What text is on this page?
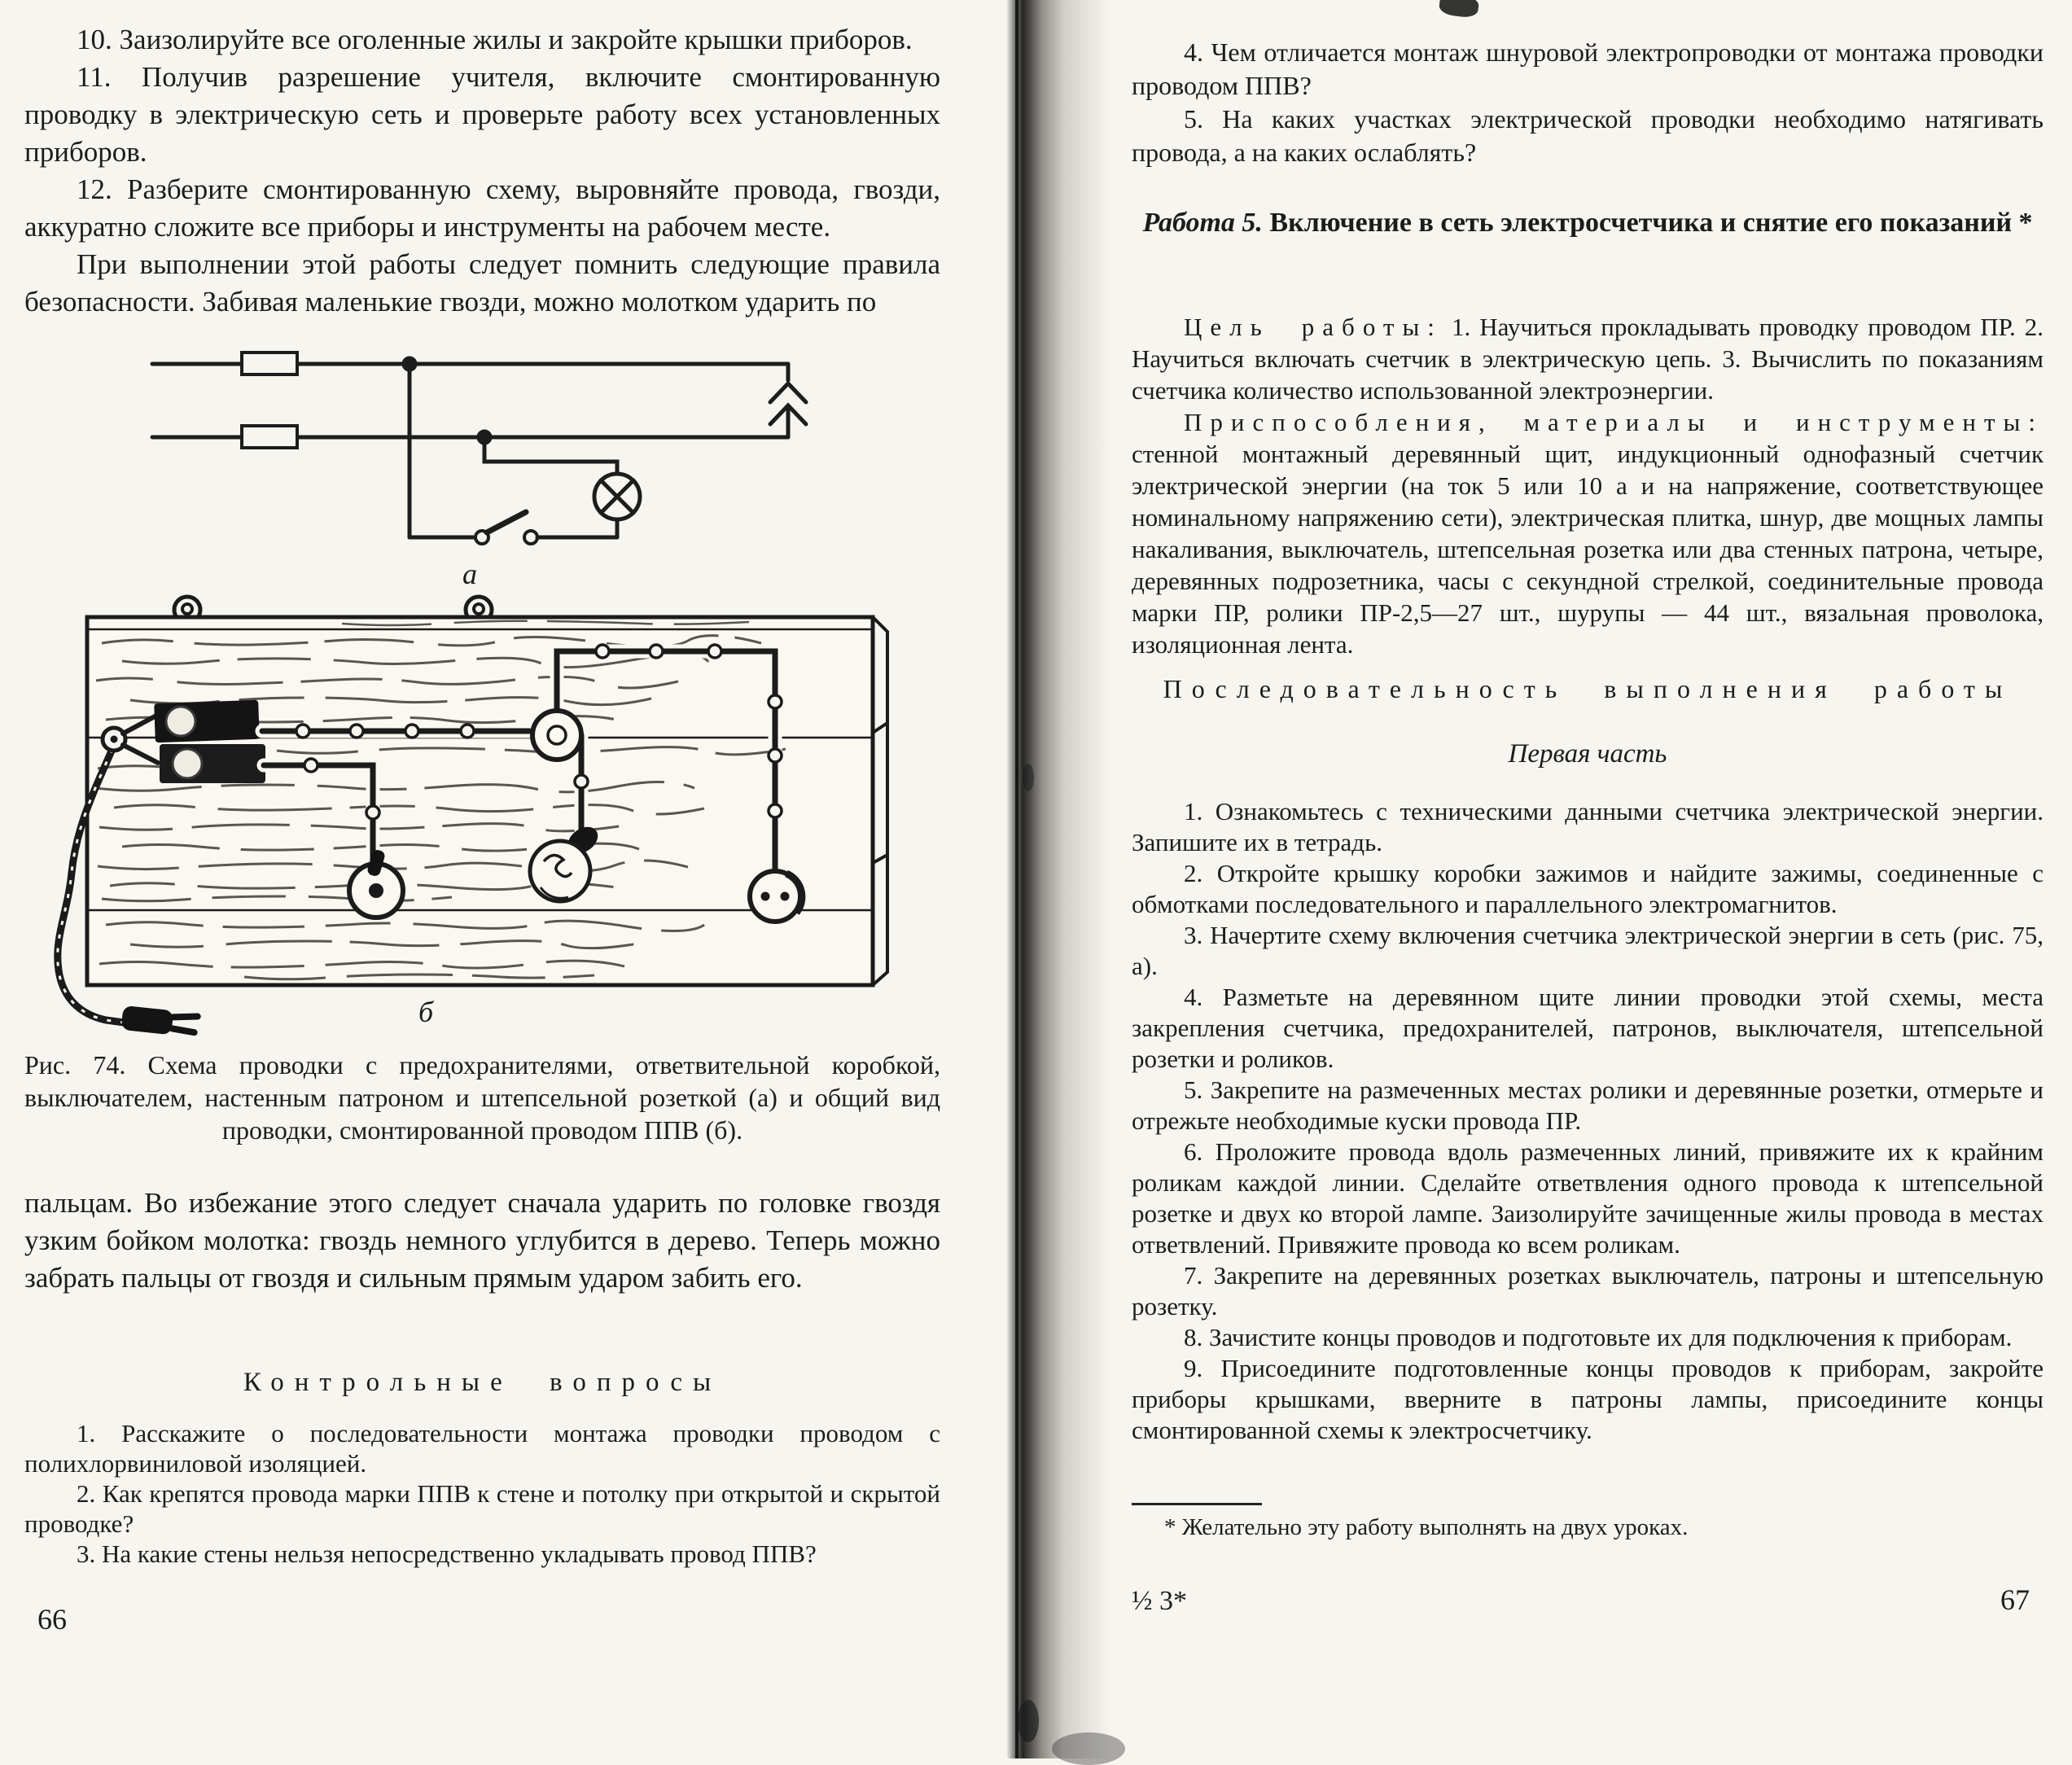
10. Заизолируйте все оголенные жилы и закройте крышки приборов.

11. Получив разрешение учителя, включите смонтированную проводку в электрическую сеть и проверьте работу всех установленных приборов.

12. Разберите смонтированную схему, выровняйте провода, гвозди, аккуратно сложите все приборы и инструменты на рабочем месте.

При выполнении этой работы следует помнить следующие правила безопасности. Забивая маленькие гвозди, можно молотком ударить по

а
б

Рис. 74. Схема проводки с предохранителями, ответвительной коробкой, выключателем, настенным патроном и штепсельной розеткой (а) и общий вид проводки, смонтированной проводом ППВ (б).

пальцам. Во избежание этого следует сначала ударить по головке гвоздя узким бойком молотка: гвоздь немного углубится в дерево. Теперь можно забрать пальцы от гвоздя и сильным прямым ударом забить его.

Контрольные вопросы

1. Расскажите о последовательности монтажа проводки проводом с полихлорвиниловой изоляцией.

2. Как крепятся провода марки ППВ к стене и потолку при открытой и скрытой проводке?

3. На какие стены нельзя непосредственно укладывать провод ППВ?

66

4. Чем отличается монтаж шнуровой электропроводки от монтажа проводки проводом ППВ?

5. На каких участках электрической проводки необходимо натягивать провода, а на каких ослаблять?

Работа 5. Включение в сеть электросчетчика и снятие его показаний *

Цель работы: 1. Научиться прокладывать проводку проводом ПР. 2. Научиться включать счетчик в электрическую цепь. 3. Вычислить по показаниям счетчика количество использованной электроэнергии.

Приспособления, материалы и инструменты: стенной монтажный деревянный щит, индукционный однофазный счетчик электрической энергии (на ток 5 или 10 а и на напряжение, соответствующее номинальному напряжению сети), электрическая плитка, шнур, две мощных лампы накаливания, выключатель, штепсельная розетка или два стенных патрона, четыре, деревянных подрозетника, часы с секундной стрелкой, соединительные провода марки ПР, ролики ПР-2,5—27 шт., шурупы — 44 шт., вязальная проволока, изоляционная лента.

Последовательность выполнения работы
Первая часть

1. Ознакомьтесь с техническими данными счетчика электрической энергии. Запишите их в тетрадь.

2. Откройте крышку коробки зажимов и найдите зажимы, соединенные с обмотками последовательного и параллельного электромагнитов.

3. Начертите схему включения счетчика электрической энергии в сеть (рис. 75, а).

4. Разметьте на деревянном щите линии проводки этой схемы, места закрепления счетчика, предохранителей, патронов, выключателя, штепсельной розетки и роликов.

5. Закрепите на размеченных местах ролики и деревянные розетки, отмерьте и отрежьте необходимые куски провода ПР.

6. Проложите провода вдоль размеченных линий, привяжите их к крайним роликам каждой линии. Сделайте ответвления одного провода к штепсельной розетке и двух ко второй лампе. Заизолируйте зачищенные жилы провода в местах ответвлений. Привяжите провода ко всем роликам.

7. Закрепите на деревянных розетках выключатель, патроны и штепсельную розетку.

8. Зачистите концы проводов и подготовьте их для подключения к приборам.

9. Присоедините подготовленные концы проводов к приборам, закройте приборы крышками, вверните в патроны лампы, присоедините концы смонтированной схемы к электросчетчику.

* Желательно эту работу выполнять на двух уроках.

½ 3*	67
